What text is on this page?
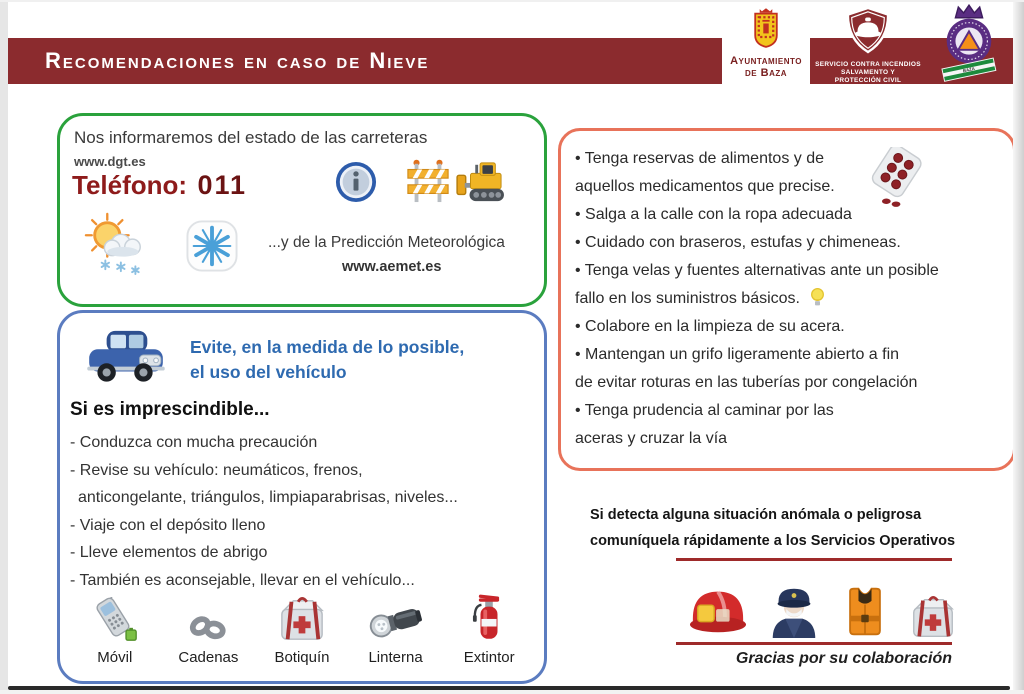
Recomendaciones en caso de Nieve	Ayuntamiento
de Baza
SERVICIO CONTRA INCENDIOS
SALVAMENTO Y
PROTECCIÓN CIVIL
BAZA
Nos informaremos del estado de las carreteras
www.dgt.es
Teléfono: 011
...y de la Predicción Meteorológica
www.aemet.es
Evite, en la medida de lo posible,
el uso del vehículo
Si es imprescindible...
- Conduzca con mucha precaución
- Revise su vehículo: neumáticos, frenos,
anticongelante, triángulos, limpiaparabrisas, niveles...
- Viaje con el depósito lleno
- Lleve elementos de abrigo
- También es aconsejable, llevar en el vehículo...
Móvil	Cadenas	Botiquín	Linterna	Extintor
• Tenga reservas de alimentos y de
aquellos medicamentos que precise.
• Salga a la calle con la ropa adecuada
• Cuidado con braseros, estufas y chimeneas.
• Tenga velas y fuentes alternativas ante un posible
fallo en los suministros básicos.
• Colabore en la limpieza de su acera.
• Mantengan un grifo ligeramente abierto a fin
de evitar roturas en las tuberías por congelación
• Tenga prudencia al caminar por las
aceras y cruzar la vía
Si detecta alguna situación anómala o peligrosa
comuníquela rápidamente a los Servicios Operativos
Gracias por su colaboración
